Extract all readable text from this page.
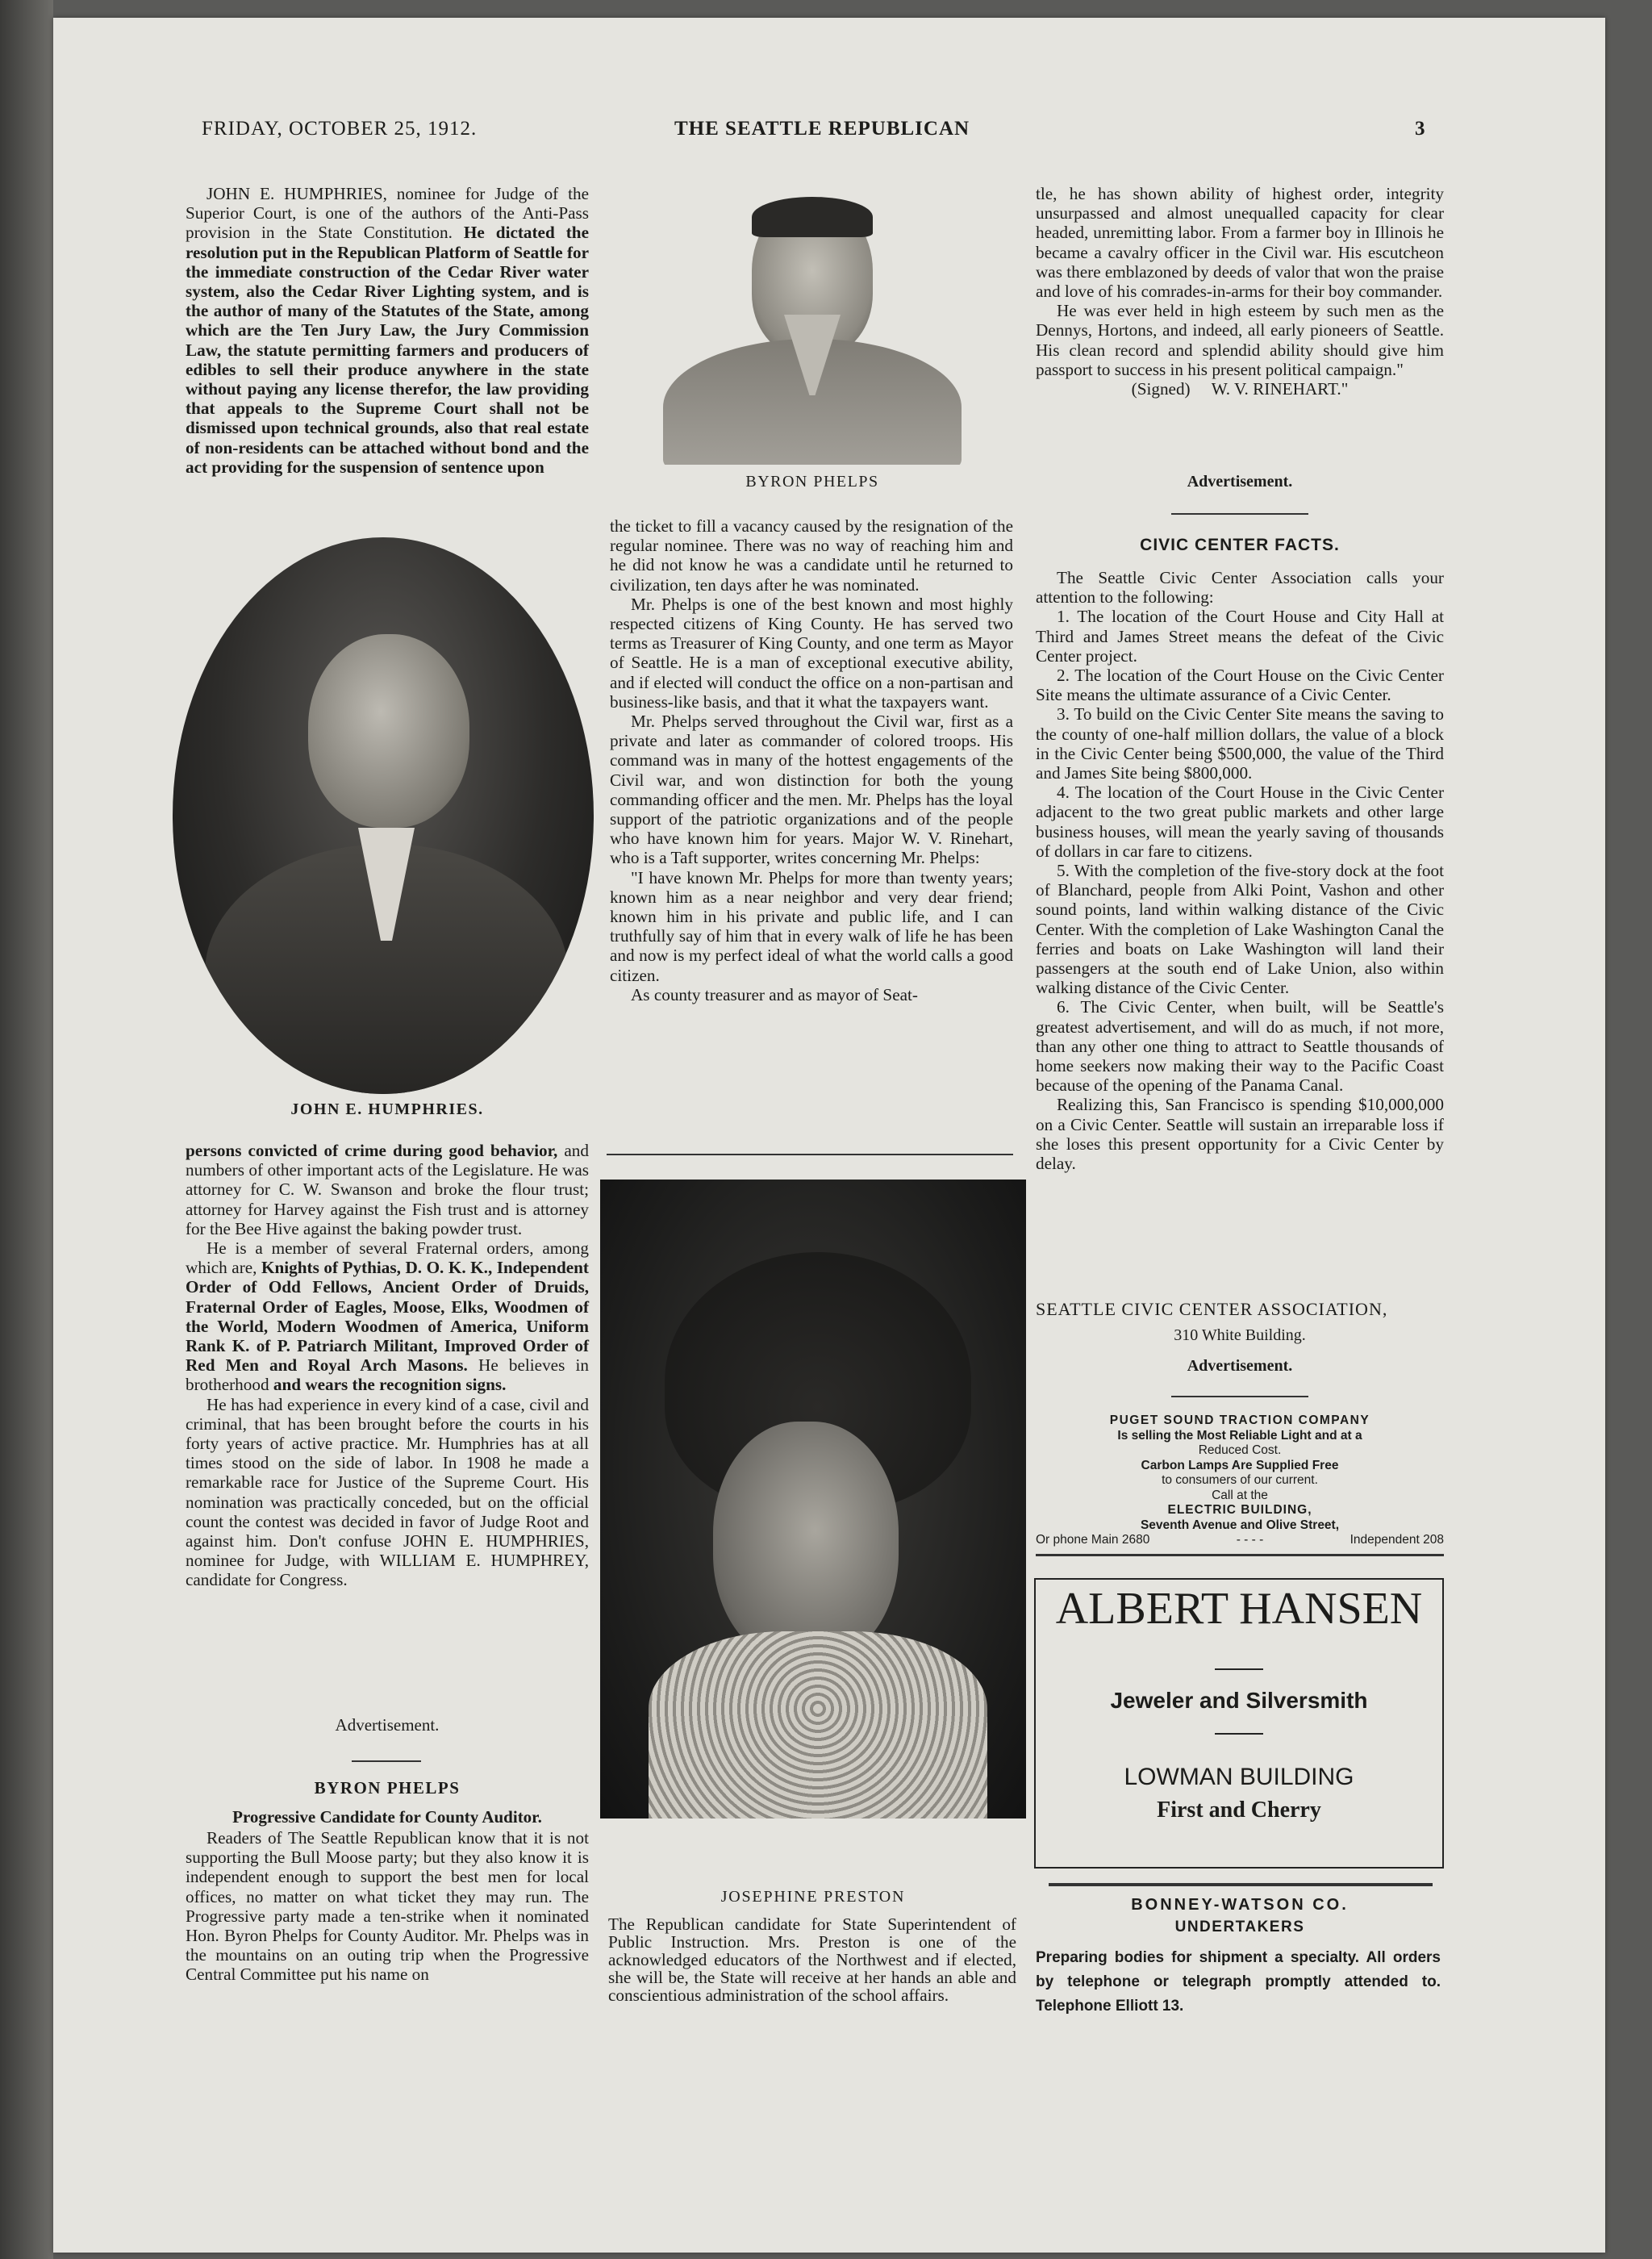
FRIDAY, OCTOBER 25, 1912.	THE SEATTLE REPUBLICAN	3

JOHN E. HUMPHRIES, nominee for Judge of the Superior Court, is one of the authors of the Anti-Pass provision in the State Constitution. He dictated the resolution put in the Republican Platform of Seattle for the immediate construction of the Cedar River water system, also the Cedar River Lighting system, and is the author of many of the Statutes of the State, among which are the Ten Jury Law, the Jury Commission Law, the statute permitting farmers and producers of edibles to sell their produce anywhere in the state without paying any license therefor, the law providing that appeals to the Supreme Court shall not be dismissed upon technical grounds, also that real estate of non-residents can be attached without bond and the act providing for the suspension of sentence upon

JOHN E. HUMPHRIES.

persons convicted of crime during good behavior, and numbers of other important acts of the Legislature. He was attorney for C. W. Swanson and broke the flour trust; attorney for Harvey against the Fish trust and is attorney for the Bee Hive against the baking powder trust.

He is a member of several Fraternal orders, among which are, Knights of Pythias, D. O. K. K., Independent Order of Odd Fellows, Ancient Order of Druids, Fraternal Order of Eagles, Moose, Elks, Woodmen of the World, Modern Woodmen of America, Uniform Rank K. of P. Patriarch Militant, Improved Order of Red Men and Royal Arch Masons. He believes in brotherhood and wears the recognition signs.

He has had experience in every kind of a case, civil and criminal, that has been brought before the courts in his forty years of active practice. Mr. Humphries has at all times stood on the side of labor. In 1908 he made a remarkable race for Justice of the Supreme Court. His nomination was practically conceded, but on the official count the contest was decided in favor of Judge Root and against him. Don't confuse JOHN E. HUMPHRIES, nominee for Judge, with WILLIAM E. HUMPHREY, candidate for Congress.

Advertisement.
BYRON PHELPS
Progressive Candidate for County Auditor.

Readers of The Seattle Republican know that it is not supporting the Bull Moose party; but they also know it is independent enough to support the best men for local offices, no matter on what ticket they may run. The Progressive party made a ten-strike when it nominated Hon. Byron Phelps for County Auditor. Mr. Phelps was in the mountains on an outing trip when the Progressive Central Committee put his name on

BYRON PHELPS

the ticket to fill a vacancy caused by the resignation of the regular nominee. There was no way of reaching him and he did not know he was a candidate until he returned to civilization, ten days after he was nominated.

Mr. Phelps is one of the best known and most highly respected citizens of King County. He has served two terms as Treasurer of King County, and one term as Mayor of Seattle. He is a man of exceptional executive ability, and if elected will conduct the office on a non-partisan and business-like basis, and that it what the taxpayers want.

Mr. Phelps served throughout the Civil war, first as a private and later as commander of colored troops. His command was in many of the hottest engagements of the Civil war, and won distinction for both the young commanding officer and the men. Mr. Phelps has the loyal support of the patriotic organizations and of the people who have known him for years. Major W. V. Rinehart, who is a Taft supporter, writes concerning Mr. Phelps:

"I have known Mr. Phelps for more than twenty years; known him as a near neighbor and very dear friend; known him in his private and public life, and I can truthfully say of him that in every walk of life he has been and now is my perfect ideal of what the world calls a good citizen.

As county treasurer and as mayor of Seat-

JOSEPHINE PRESTON

The Republican candidate for State Superintendent of Public Instruction. Mrs. Preston is one of the acknowledged educators of the Northwest and if elected, she will be, the State will receive at her hands an able and conscientious administration of the school affairs.

tle, he has shown ability of highest order, integrity unsurpassed and almost unequalled capacity for clear headed, unremitting labor. From a farmer boy in Illinois he became a cavalry officer in the Civil war. His escutcheon was there emblazoned by deeds of valor that won the praise and love of his comrades-in-arms for their boy commander.

He was ever held in high esteem by such men as the Dennys, Hortons, and indeed, all early pioneers of Seattle. His clean record and splendid ability should give him passport to success in his present political campaign."

(Signed)     W. V. RINEHART."

Advertisement.
CIVIC CENTER FACTS.

The Seattle Civic Center Association calls your attention to the following:

1. The location of the Court House and City Hall at Third and James Street means the defeat of the Civic Center project.

2. The location of the Court House on the Civic Center Site means the ultimate assurance of a Civic Center.

3. To build on the Civic Center Site means the saving to the county of one-half million dollars, the value of a block in the Civic Center being $500,000, the value of the Third and James Site being $800,000.

4. The location of the Court House in the Civic Center adjacent to the two great public markets and other large business houses, will mean the yearly saving of thousands of dollars in car fare to citizens.

5. With the completion of the five-story dock at the foot of Blanchard, people from Alki Point, Vashon and other sound points, land within walking distance of the Civic Center. With the completion of Lake Washington Canal the ferries and boats on Lake Washington will land their passengers at the south end of Lake Union, also within walking distance of the Civic Center.

6. The Civic Center, when built, will be Seattle's greatest advertisement, and will do as much, if not more, than any other one thing to attract to Seattle thousands of home seekers now making their way to the Pacific Coast because of the opening of the Panama Canal.

Realizing this, San Francisco is spending $10,000,000 on a Civic Center. Seattle will sustain an irreparable loss if she loses this present opportunity for a Civic Center by delay.

SEATTLE CIVIC CENTER ASSOCIATION,
310 White Building.
Advertisement.
PUGET SOUND TRACTION COMPANY
Is selling the Most Reliable Light and at a
Reduced Cost.
Carbon Lamps Are Supplied Free
to consumers of our current.
Call at the
ELECTRIC BUILDING,
Seventh Avenue and Olive Street,
Or phone Main 2680	- - - -	Independent 208
ALBERT HANSEN
Jeweler and Silversmith
LOWMAN BUILDING
First and Cherry
BONNEY-WATSON CO.
UNDERTAKERS
Preparing bodies for shipment a specialty. All orders by telephone or telegraph promptly attended to. Telephone Elliott 13.
